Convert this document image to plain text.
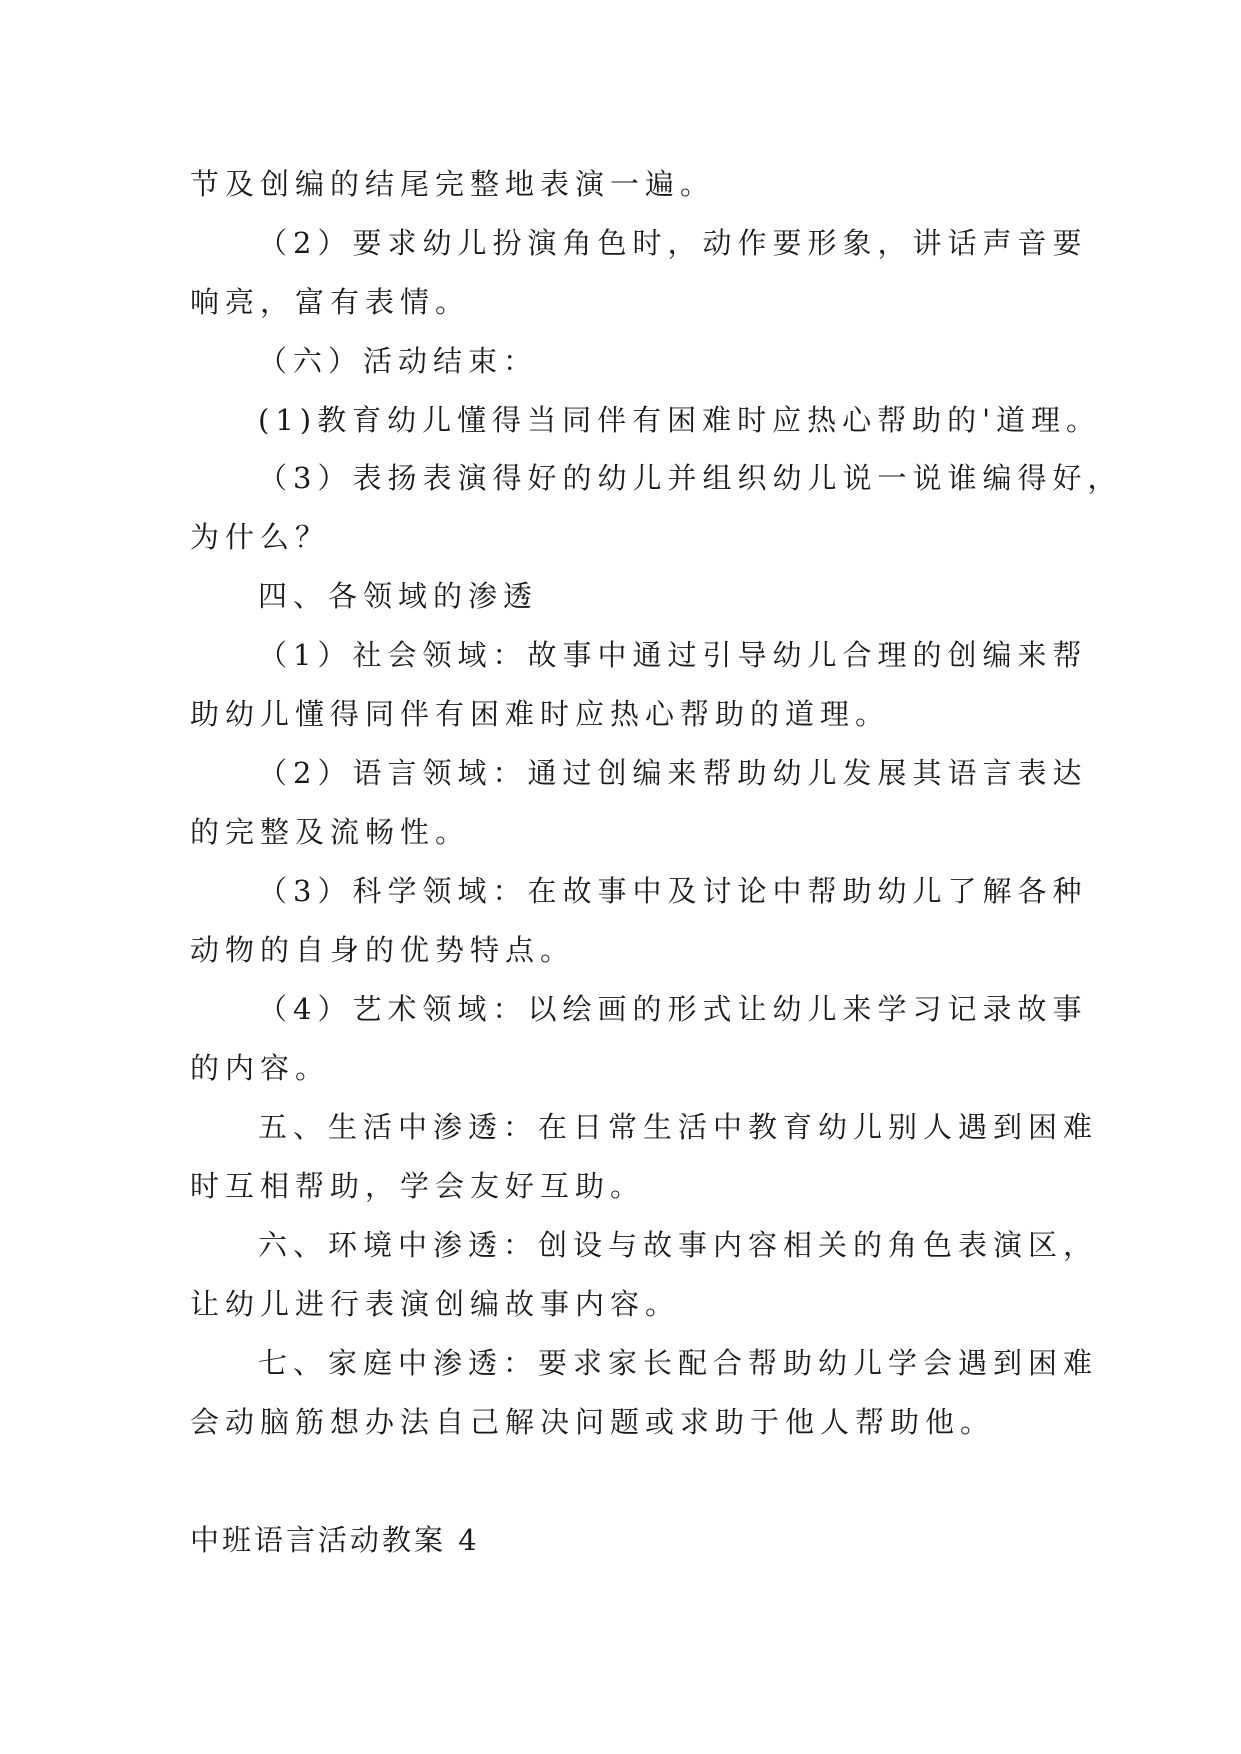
节及创编的结尾完整地表演一遍。
（2）要求幼儿扮演角色时，动作要形象，讲话声音要
响亮，富有表情。
（六）活动结束：
(1)教育幼儿懂得当同伴有困难时应热心帮助的'道理。
（3）表扬表演得好的幼儿并组织幼儿说一说谁编得好，
为什么？
四、各领域的渗透
（1）社会领域：故事中通过引导幼儿合理的创编来帮
助幼儿懂得同伴有困难时应热心帮助的道理。
（2）语言领域：通过创编来帮助幼儿发展其语言表达
的完整及流畅性。
（3）科学领域：在故事中及讨论中帮助幼儿了解各种
动物的自身的优势特点。
（4）艺术领域：以绘画的形式让幼儿来学习记录故事
的内容。
五、生活中渗透：在日常生活中教育幼儿别人遇到困难
时互相帮助，学会友好互助。
六、环境中渗透：创设与故事内容相关的角色表演区，
让幼儿进行表演创编故事内容。
七、家庭中渗透：要求家长配合帮助幼儿学会遇到困难
会动脑筋想办法自己解决问题或求助于他人帮助他。
中班语言活动教案 4
